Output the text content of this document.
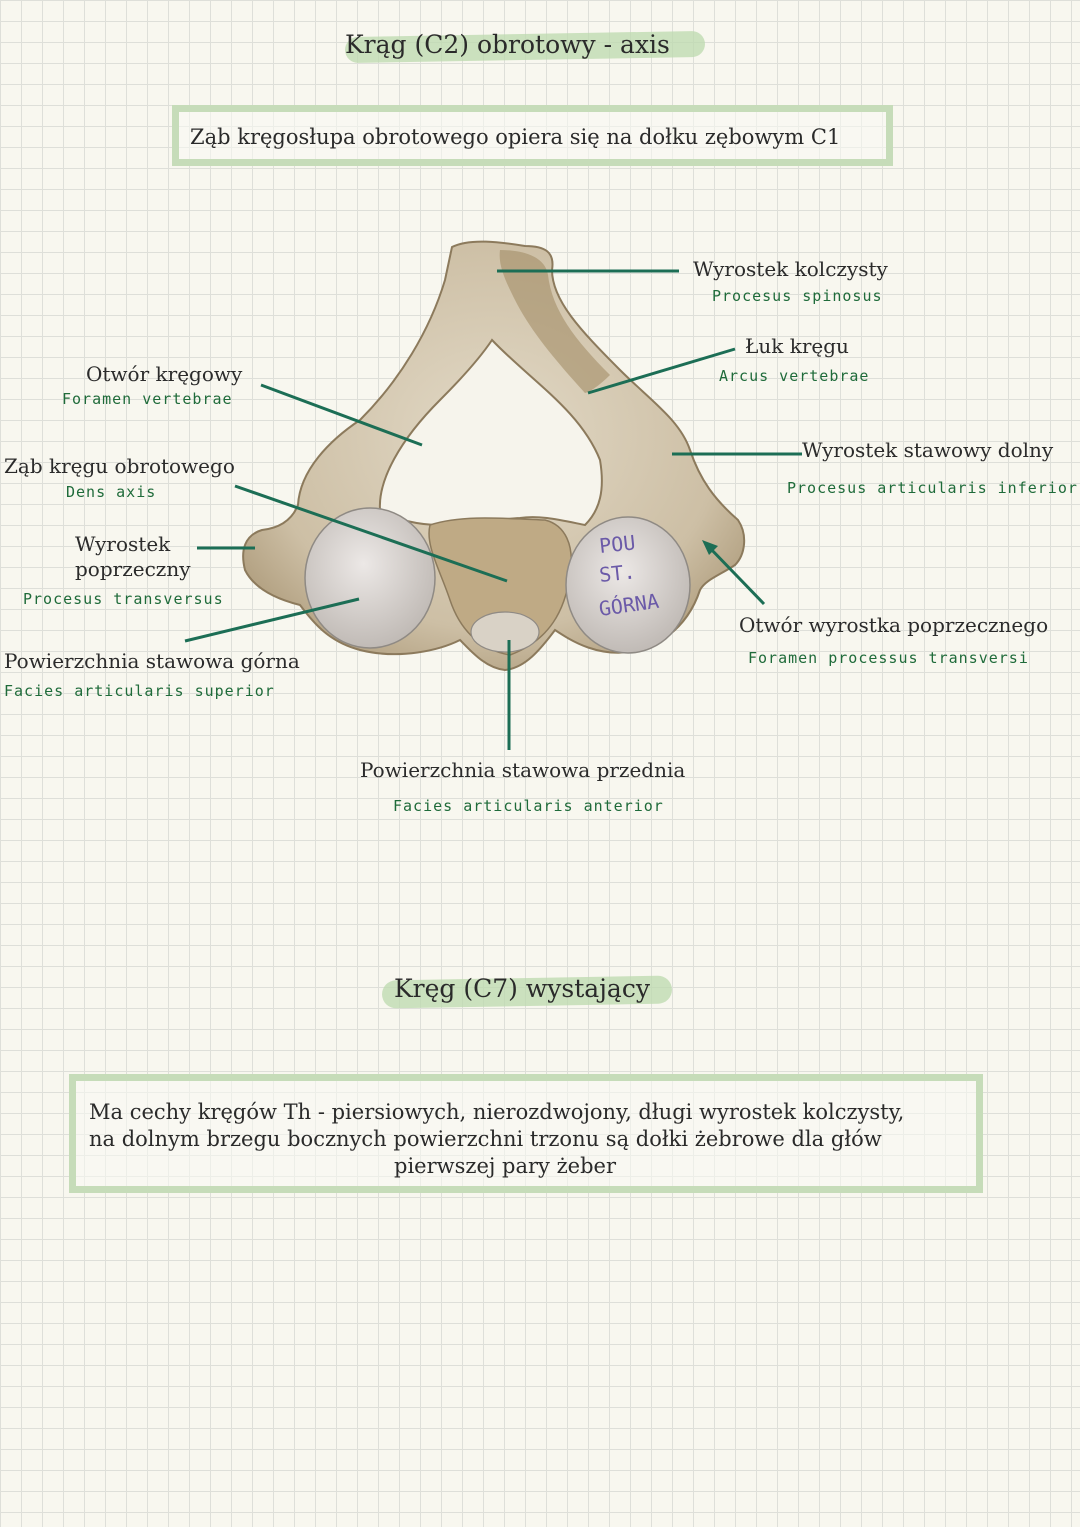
Krąg (C2) obrotowy - axis
Ząb kręgosłupa obrotowego opiera się na dołku zębowym C1
POU
ST.
GÓRNA
Wyrostek kolczysty
Procesus spinosus
Łuk kręgu
Arcus vertebrae
Otwór kręgowy
Foramen vertebrae
Wyrostek stawowy dolny
Procesus articularis inferior
Ząb kręgu obrotowego
Dens axis
Wyrostek
poprzeczny
Procesus transversus
Otwór wyrostka poprzecznego
Foramen processus transversi
Powierzchnia stawowa górna
Facies articularis superior
Powierzchnia stawowa przednia
Facies articularis anterior
Kręg (C7) wystający
Ma cechy kręgów Th - piersiowych, nierozdwojony, długi wyrostek kolczysty,
na dolnym brzegu bocznych powierzchni trzonu są dołki żebrowe dla głów
pierwszej pary żeber
